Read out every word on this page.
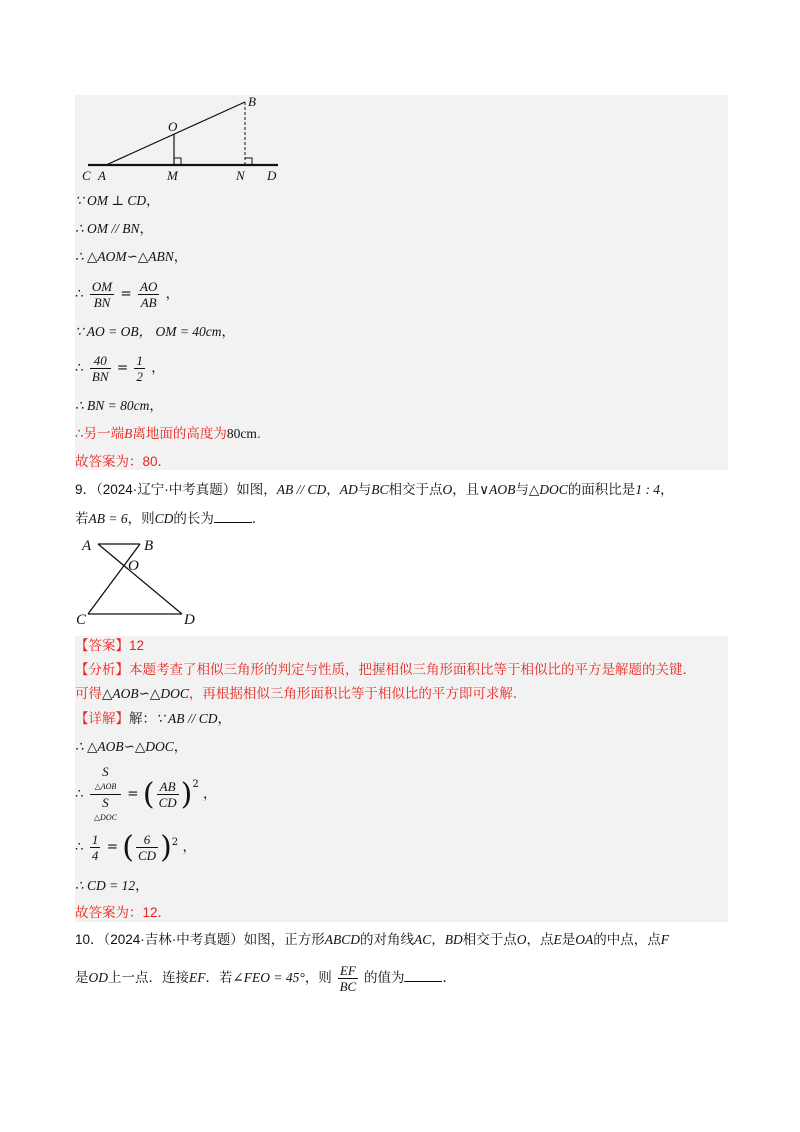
B
O
C A	M	N D
∵ OM ⊥ CD，
∴ OM // BN，
∴ △AOM∽△ABN，
∴ $\frac{OM}{BN} = \frac{AO}{AB}$ ，
∵ AO = OB， OM = 40cm，
∴ $\frac{40}{BN} = \frac{1}{2}$ ，
∴ BN = 80cm，
∴另一端B离地面的高度为80cm．
故答案为：80．
9．（2024·辽宁·中考真题）如图，AB // CD，AD与BC相交于点O，且∨AOB与△DOC的面积比是1 : 4，
若AB = 6，则CD的长为	．
A	B
O
C	D
【答案】12
【分析】本题考查了相似三角形的判定与性质，把握相似三角形面积比等于相似比的平方是解题的关键．
可得△AOB∽△DOC，再根据相似三角形面积比等于相似比的平方即可求解．
【详解】解：∵ AB // CD，
∴ △AOB∽△DOC，
∴ S
△AOB
S
△DOC = ( $\frac{AB}{CD} )^2$ ，
∴ $\frac{1}{4}$ = ( $\frac{6}{CD} )^2$ ，
∴ CD = 12，
故答案为：12．
10．（2024·吉林·中考真题）如图，正方形ABCD的对角线AC，BD相交于点O，点E是OA的中点，点F
是OD上一点．连接EF．若∠FEO = 45°，则 $\frac{EF}{BC}$ 的值为	．
